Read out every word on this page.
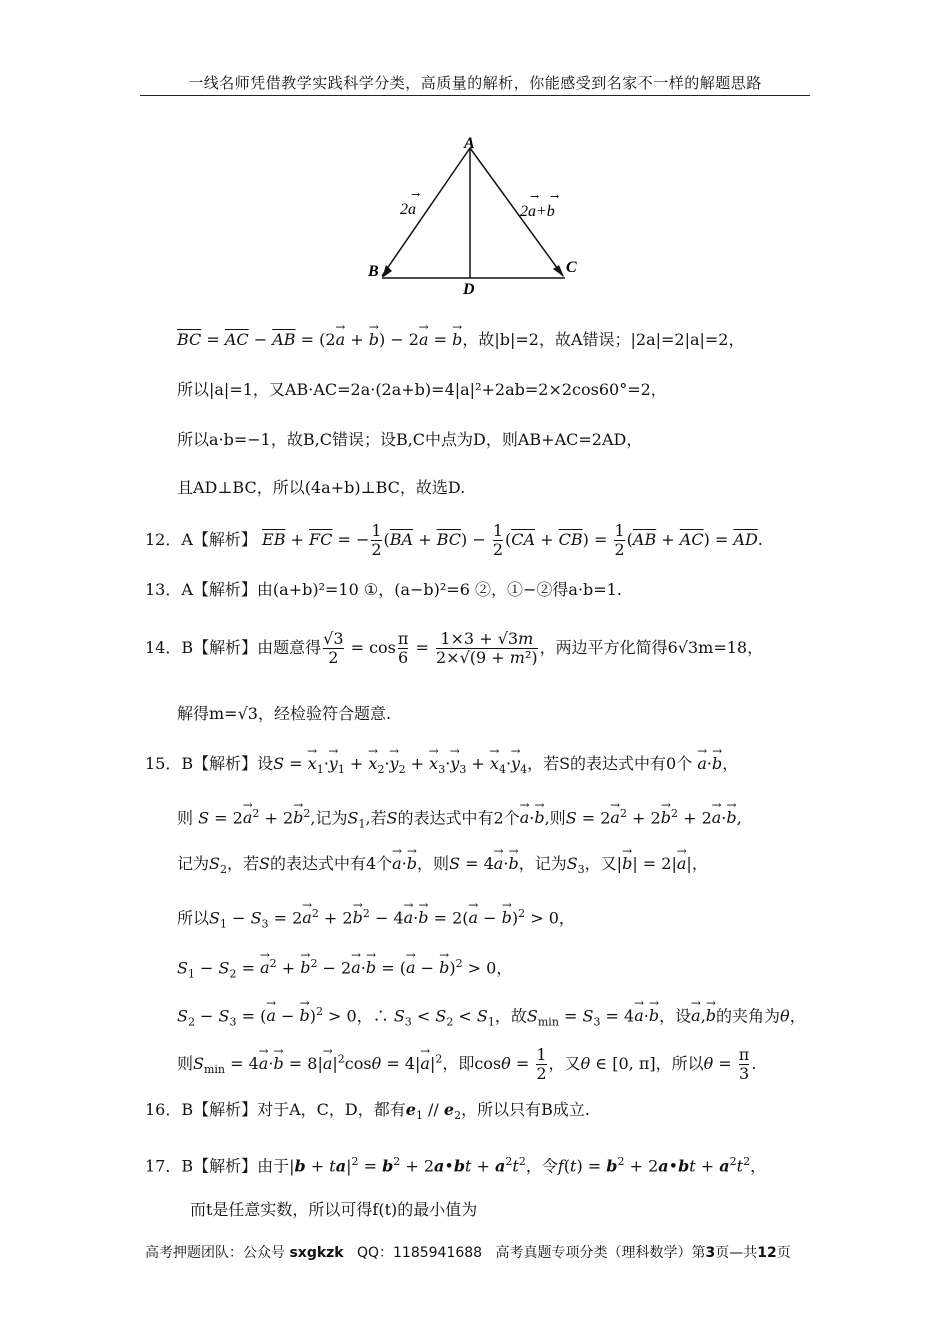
一线名师凭借教学实践科学分类，高质量的解析，你能感受到名家不一样的解题思路
A
B	C
D
2a	2a+b
→	→ →
$\overline{BC} = \overline{AC} - \overline{AB} = (2\to a$ + → b) − 2→ a = → b，故|b|=2，故A错误；|2a|=2|a|=2，
所以|a|=1，又AB·AC=2a·(2a+b)=4|a|²+2ab=2×2cos60°=2，
所以a·b=−1，故B,C错误；设B,C中点为D，则AB+AC=2AD，
且AD⊥BC，所以(4a+b)⊥BC，故选D.
12．A【解析】 $\overline{EB} + \overline{FC}$ = − $\frac{1}{2} (\overline{BA} + \overline{BC}) - \frac{1}{2} (\overline{CA} + \overline{CB}) = \frac{1}{2} (\overline{AB} + \overline{AC}) = \overline{AD}$.
13．A【解析】由(a+b)²=10 ①，(a−b)²=6 ②，①−②得a·b=1.
14．B【解析】由题意得 $\frac{√3}{2} = \cos \frac{\pi}{6} = \frac{1\times 3 + √3m}{\text{2×√(9 + m²)}}$ ，两边平方化简得6√3m=18，
解得m=√3，经检验符合题意.
15．B【解析】设S = → $x_1\cdot\to y_1$ + → $x_2\cdot\to y_2$ + → $x_3\cdot\to y_3$ + → $x_4\cdot\to y_4$，若S的表达式中有0个 → a·→ b，
则 $S = 2\to a^2 + 2\to b^2$,记为$S_1$,若S的表达式中有2个→ a·→ b,则$S = 2\to a^2 + 2\to b^2 + 2\to a\cdot\to b$,
记为$S_2$，若S的表达式中有4个→ a·→ b，则S = 4→ a·→ b，记为$S_3$，又|→ b| = 2|→ a|，
所以$S_1 - S_3 = 2\to a^2 + 2\to b^2 - 4\to a\cdot\to b = 2(\to a$ − → b)$^2$ > 0，
$S_1 - S_2$ = → $a^2$ + → $b^2 - 2\to a\cdot\to b$ = (→ a − → b)$^2$ > 0，
$S_2 - S_3$ = (→ a − → b)$^2$ > 0，∴ $S_3 < S_2 < S_1$，故$S_{min} = S_3 = 4\to a\cdot\to b$，设→ a,→ b的夹角为θ，
则$S_{min} = 4\to a\cdot\to b = 8|\to a|^2\cos\theta = 4|\to a|^2$，即$\cos\theta = \frac{1}{2}$ ，又θ ∈ [0, π]，所以$\theta = \frac{\pi}{3}$ .
16．B【解析】对于A，C，D，都有$e_1 // e_2$，所以只有B成立.
17．B【解析】由于$|b + ta|^2 = b^2$ + 2a•bt + $a^2t^2$，令$f(t) = b^2$ + 2a•bt + $a^2t^2$，
而t是任意实数，所以可得f(t)的最小值为
高考押题团队：公众号 sxgkzk QQ：1185941688 高考真题专项分类（理科数学）第3页—共12页
